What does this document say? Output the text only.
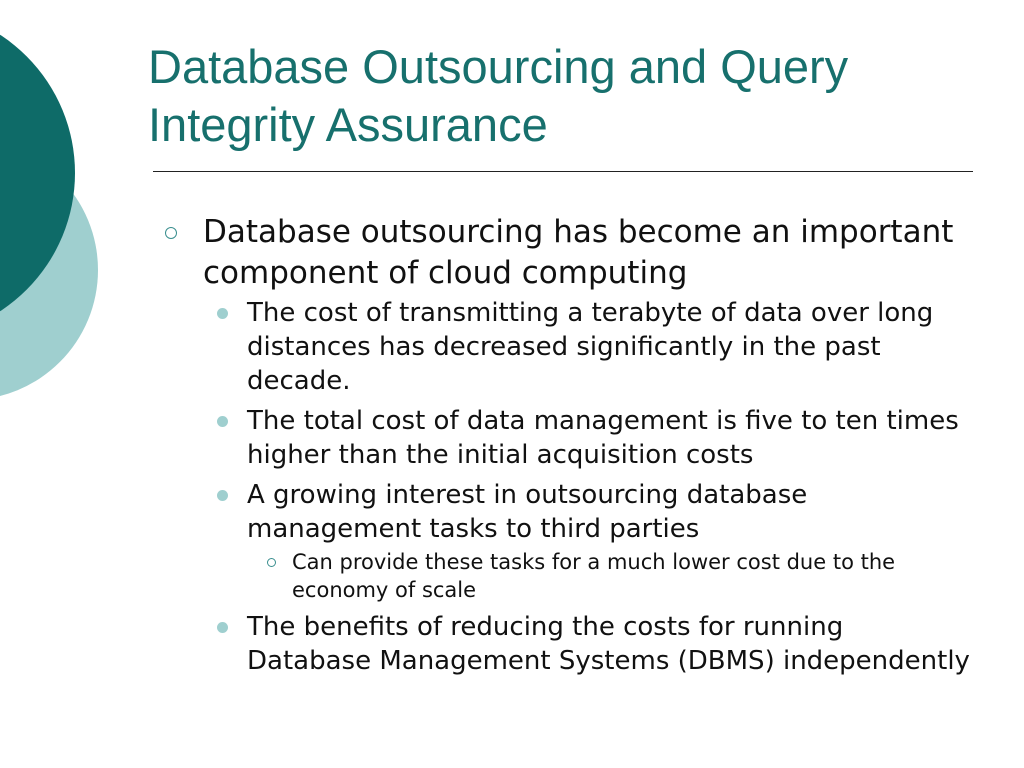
Database Outsourcing and Query
Integrity Assurance
Database outsourcing has become an important component of cloud computing
The cost of transmitting a terabyte of data over long distances has decreased significantly in the past decade.
The total cost of data management is five to ten times higher than the initial acquisition costs
A growing interest in outsourcing database management tasks to third parties
Can provide these tasks for a much lower cost due to the economy of scale
The benefits of reducing the costs for running Database Management Systems (DBMS) independently
